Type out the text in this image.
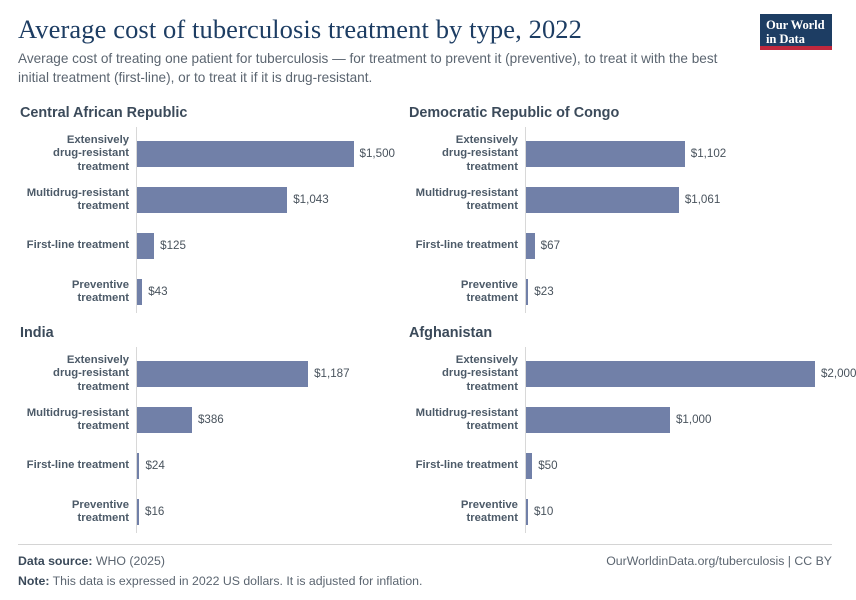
Average cost of tuberculosis treatment by type, 2022

Average cost of treating one patient for tuberculosis — for treatment to prevent it (preventive), to treat it with the best initial treatment (first-line), or to treat it if it is drug-resistant.

Our World
in Data
Central African Republic
Extensively
drug-resistant
treatment
$1,500
Multidrug-resistant
treatment	$1,043
First-line treatment	$125
Preventive
treatment	$43
Democratic Republic of Congo
Extensively
drug-resistant
treatment
$1,102
Multidrug-resistant
treatment	$1,061
First-line treatment	$67
Preventive
treatment	$23
India
Extensively
drug-resistant
treatment
$1,187
Multidrug-resistant
treatment	$386
First-line treatment	$24
Preventive
treatment	$16
Afghanistan
Extensively
drug-resistant
treatment
$2,000
Multidrug-resistant
treatment	$1,000
First-line treatment	$50
Preventive
treatment	$10
Data source: WHO (2025)	OurWorldinData.org/tuberculosis | CC BY
Note: This data is expressed in 2022 US dollars. It is adjusted for inflation.
